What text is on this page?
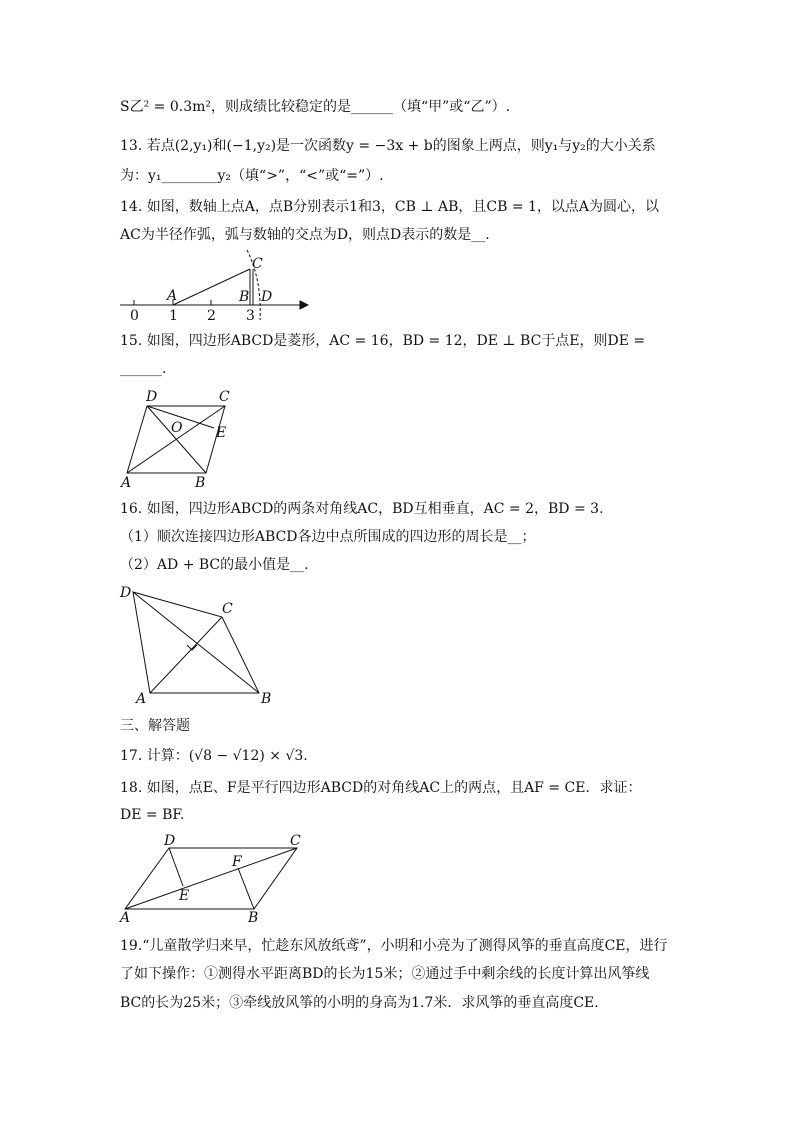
S乙² = 0.3m²，则成绩比较稳定的是______（填“甲”或“乙”）.
13. 若点(2,y₁)和(−1,y₂)是一次函数y = −3x + b的图象上两点，则y₁与y₂的大小关系
为：y₁________y₂（填“>”，“<”或“=”）.
14. 如图，数轴上点A，点B分别表示1和3，CB ⊥ AB，且CB = 1，以点A为圆心，以
AC为半径作弧，弧与数轴的交点为D，则点D表示的数是__.
C
A	B D
0 1 2 3
15. 如图，四边形ABCD是菱形，AC = 16，BD = 12，DE ⊥ BC于点E，则DE =
______.
D	C
O E
A	B
16. 如图，四边形ABCD的两条对角线AC，BD互相垂直，AC = 2，BD = 3.
（1）顺次连接四边形ABCD各边中点所围成的四边形的周长是__；
（2）AD + BC的最小值是__.
D
C
A	B
三、解答题
17. 计算：(√8 − √12) × √3.
18. 如图，点E、F是平行四边形ABCD的对角线AC上的两点，且AF = CE．求证：
DE = BF.
D	C
F
E
A	B
19.“儿童散学归来早，忙趁东风放纸鸢”，小明和小亮为了测得风筝的垂直高度CE，进行
了如下操作：①测得水平距离BD的长为15米；②通过手中剩余线的长度计算出风筝线
BC的长为25米；③牵线放风筝的小明的身高为1.7米．求风筝的垂直高度CE.
